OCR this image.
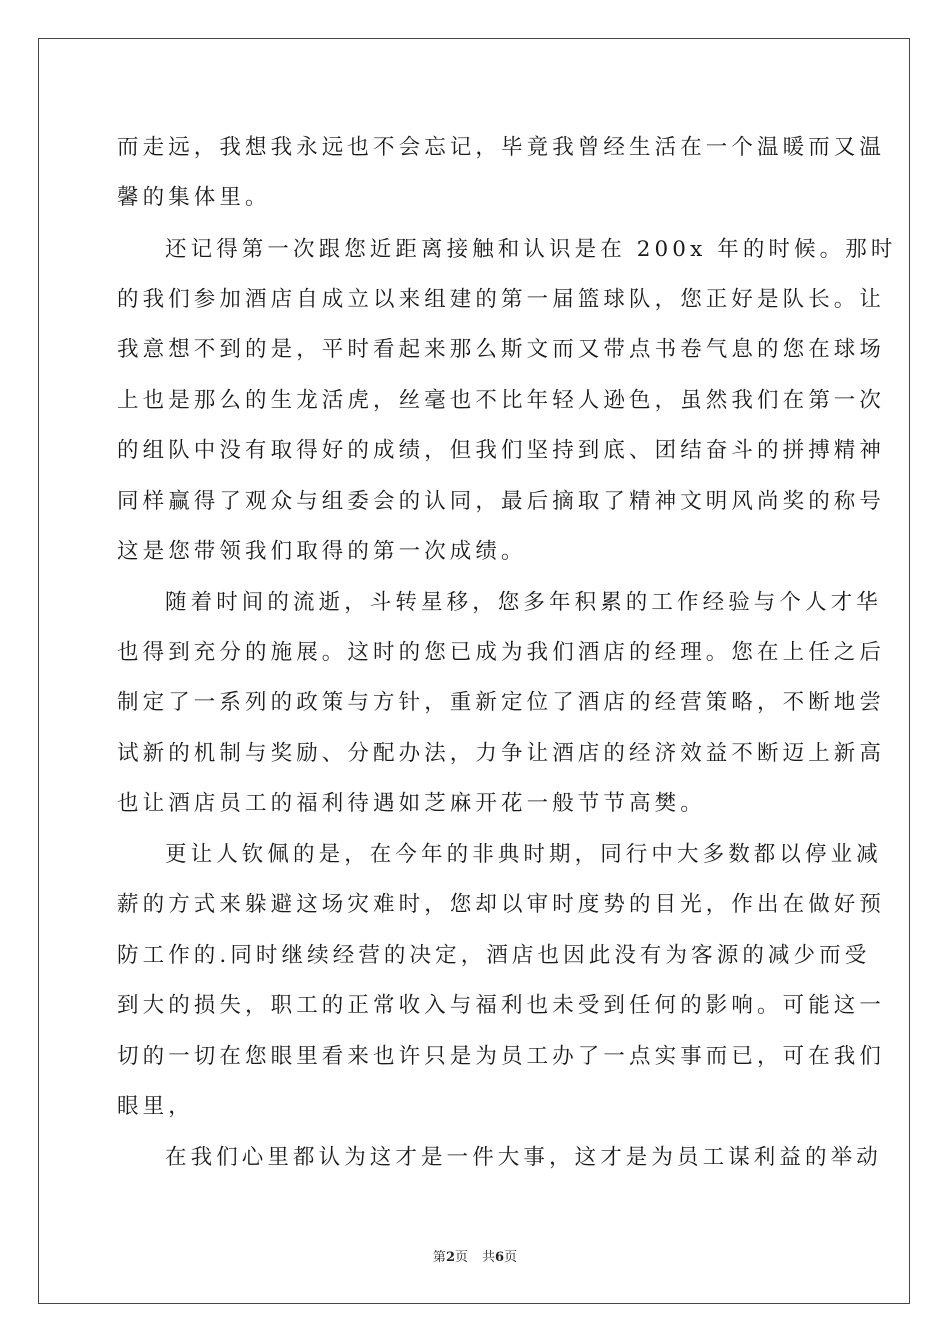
而走远，我想我永远也不会忘记，毕竟我曾经生活在一个温暖而又温
馨的集体里。
还记得第一次跟您近距离接触和认识是在 200x 年的时候。那时
的我们参加酒店自成立以来组建的第一届篮球队，您正好是队长。让
我意想不到的是，平时看起来那么斯文而又带点书卷气息的您在球场
上也是那么的生龙活虎，丝毫也不比年轻人逊色，虽然我们在第一次
的组队中没有取得好的成绩，但我们坚持到底、团结奋斗的拼搏精神
同样赢得了观众与组委会的认同，最后摘取了精神文明风尚奖的称号
这是您带领我们取得的第一次成绩。
随着时间的流逝，斗转星移，您多年积累的工作经验与个人才华
也得到充分的施展。这时的您已成为我们酒店的经理。您在上任之后
制定了一系列的政策与方针，重新定位了酒店的经营策略，不断地尝
试新的机制与奖励、分配办法，力争让酒店的经济效益不断迈上新高
也让酒店员工的福利待遇如芝麻开花一般节节高樊。
更让人钦佩的是，在今年的非典时期，同行中大多数都以停业减
薪的方式来躲避这场灾难时，您却以审时度势的目光，作出在做好预
防工作的.同时继续经营的决定，酒店也因此没有为客源的减少而受
到大的损失，职工的正常收入与福利也未受到任何的影响。可能这一
切的一切在您眼里看来也许只是为员工办了一点实事而已，可在我们
眼里，
在我们心里都认为这才是一件大事，这才是为员工谋利益的举动
第2页 共6页
